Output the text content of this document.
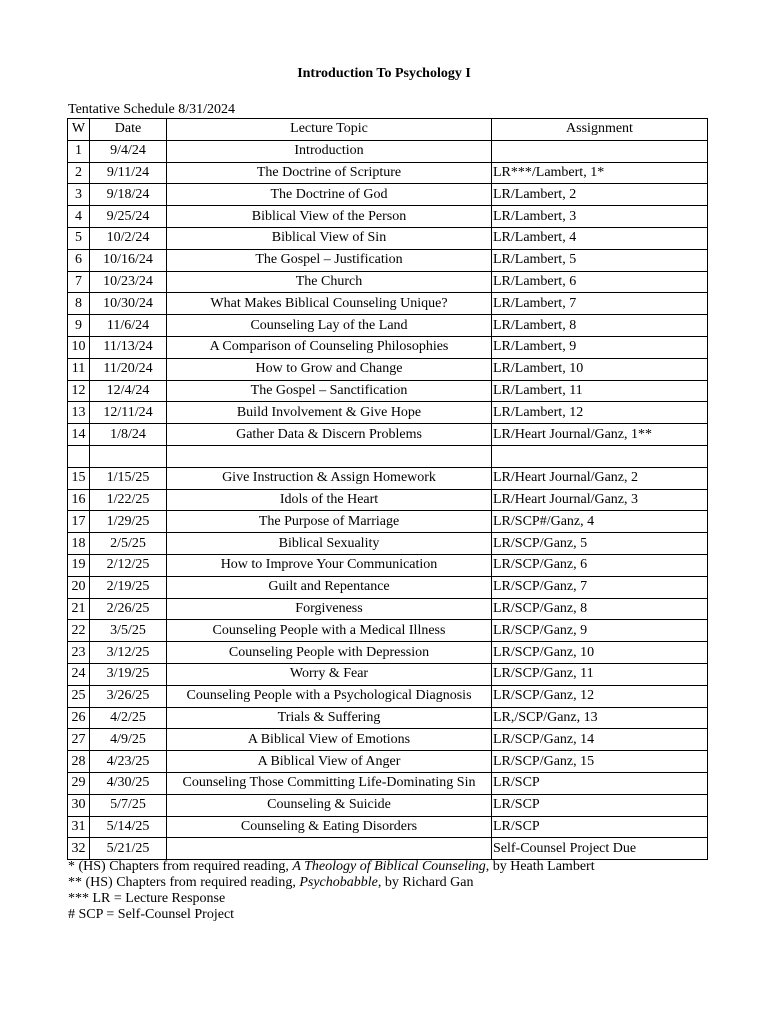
Introduction To Psychology I
Tentative Schedule 8/31/2024
W	Date	Lecture Topic	Assignment
1	9/4/24	Introduction	
2	9/11/24	The Doctrine of Scripture	LR***/Lambert, 1*
3	9/18/24	The Doctrine of God	LR/Lambert, 2
4	9/25/24	Biblical View of the Person	LR/Lambert, 3
5	10/2/24	Biblical View of Sin	LR/Lambert, 4
6	10/16/24	The Gospel – Justification	LR/Lambert, 5
7	10/23/24	The Church	LR/Lambert, 6
8	10/30/24	What Makes Biblical Counseling Unique?	LR/Lambert, 7
9	11/6/24	Counseling Lay of the Land	LR/Lambert, 8
10	11/13/24	A Comparison of Counseling Philosophies	LR/Lambert, 9
11	11/20/24	How to Grow and Change	LR/Lambert, 10
12	12/4/24	The Gospel – Sanctification	LR/Lambert, 11
13	12/11/24	Build Involvement & Give Hope	LR/Lambert, 12
14	1/8/24	Gather Data & Discern Problems	LR/Heart Journal/Ganz, 1**

15	1/15/25	Give Instruction & Assign Homework	LR/Heart Journal/Ganz, 2
16	1/22/25	Idols of the Heart	LR/Heart Journal/Ganz, 3
17	1/29/25	The Purpose of Marriage	LR/SCP#/Ganz, 4
18	2/5/25	Biblical Sexuality	LR/SCP/Ganz, 5
19	2/12/25	How to Improve Your Communication	LR/SCP/Ganz, 6
20	2/19/25	Guilt and Repentance	LR/SCP/Ganz, 7
21	2/26/25	Forgiveness	LR/SCP/Ganz, 8
22	3/5/25	Counseling People with a Medical Illness	LR/SCP/Ganz, 9
23	3/12/25	Counseling People with Depression	LR/SCP/Ganz, 10
24	3/19/25	Worry & Fear	LR/SCP/Ganz, 11
25	3/26/25	Counseling People with a Psychological Diagnosis	LR/SCP/Ganz, 12
26	4/2/25	Trials & Suffering	LR,/SCP/Ganz, 13
27	4/9/25	A Biblical View of Emotions	LR/SCP/Ganz, 14
28	4/23/25	A Biblical View of Anger	LR/SCP/Ganz, 15
29	4/30/25	Counseling Those Committing Life-Dominating Sin	LR/SCP
30	5/7/25	Counseling & Suicide	LR/SCP
31	5/14/25	Counseling & Eating Disorders	LR/SCP
32	5/21/25		Self-Counsel Project Due
* (HS) Chapters from required reading, A Theology of Biblical Counseling, by Heath Lambert
** (HS) Chapters from required reading, Psychobabble, by Richard Gan
*** LR = Lecture Response
# SCP = Self-Counsel Project
